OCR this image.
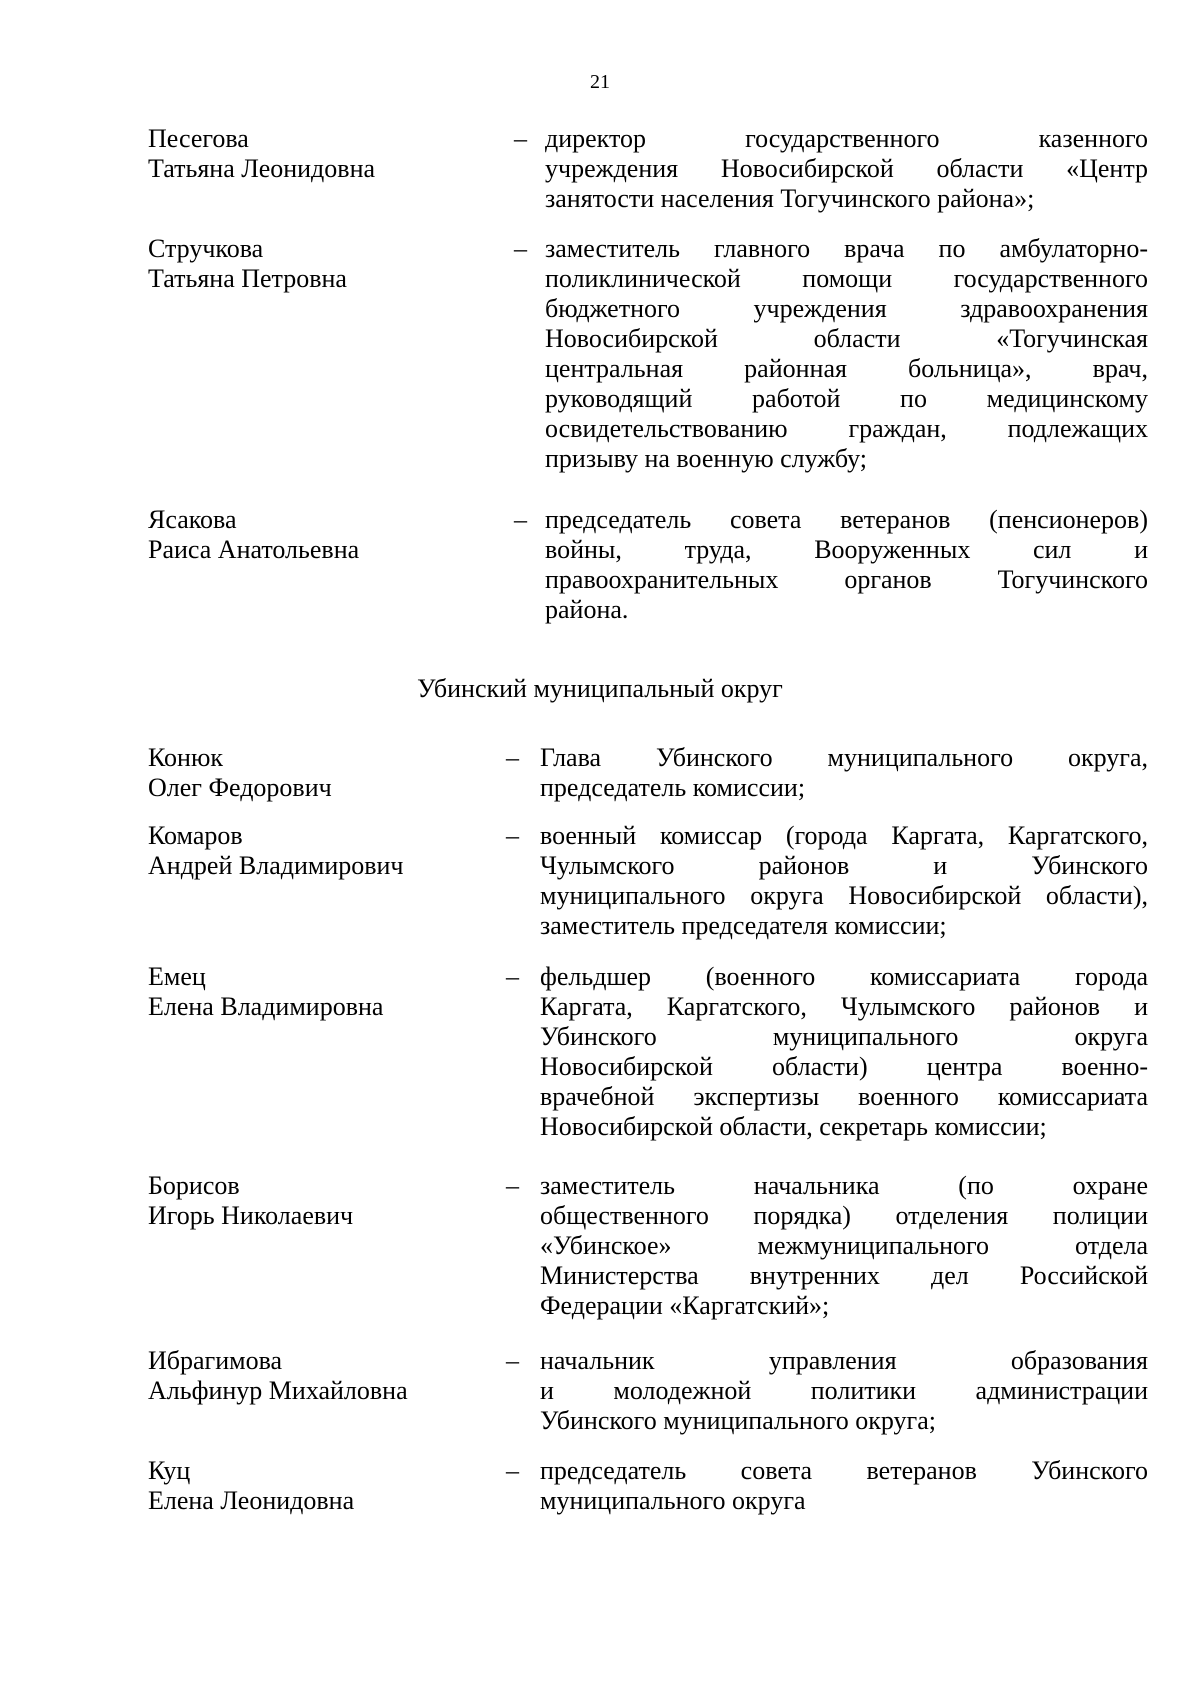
21
Песегова
Татьяна Леонидовна
– директор государственного казенного
учреждения Новосибирской области «Центр
занятости населения Тогучинского района»;
Стручкова
Татьяна Петровна
– заместитель главного врача по амбулаторно-
поликлинической помощи государственного
бюджетного учреждения здравоохранения
Новосибирской области «Тогучинская
центральная районная больница», врач,
руководящий работой по медицинскому
освидетельствованию граждан, подлежащих
призыву на военную службу;
Ясакова
Раиса Анатольевна
– председатель совета ветеранов (пенсионеров)
войны, труда, Вооруженных сил и
правоохранительных органов Тогучинского
района.
Убинский муниципальный округ
Конюк
Олег Федорович
– Глава Убинского муниципального округа,
председатель комиссии;
Комаров
Андрей Владимирович
– военный комиссар (города Каргата, Каргатского,
Чулымского районов и Убинского
муниципального округа Новосибирской области),
заместитель председателя комиссии;
Емец
Елена Владимировна
– фельдшер (военного комиссариата города
Каргата, Каргатского, Чулымского районов и
Убинского муниципального округа
Новосибирской области) центра военно-
врачебной экспертизы военного комиссариата
Новосибирской области, секретарь комиссии;
Борисов
Игорь Николаевич
– заместитель начальника (по охране
общественного порядка) отделения полиции
«Убинское» межмуниципального отдела
Министерства внутренних дел Российской
Федерации «Каргатский»;
Ибрагимова
Альфинур Михайловна
– начальник управления образования
и молодежной политики администрации
Убинского муниципального округа;
Куц
Елена Леонидовна
– председатель совета ветеранов Убинского
муниципального округа
